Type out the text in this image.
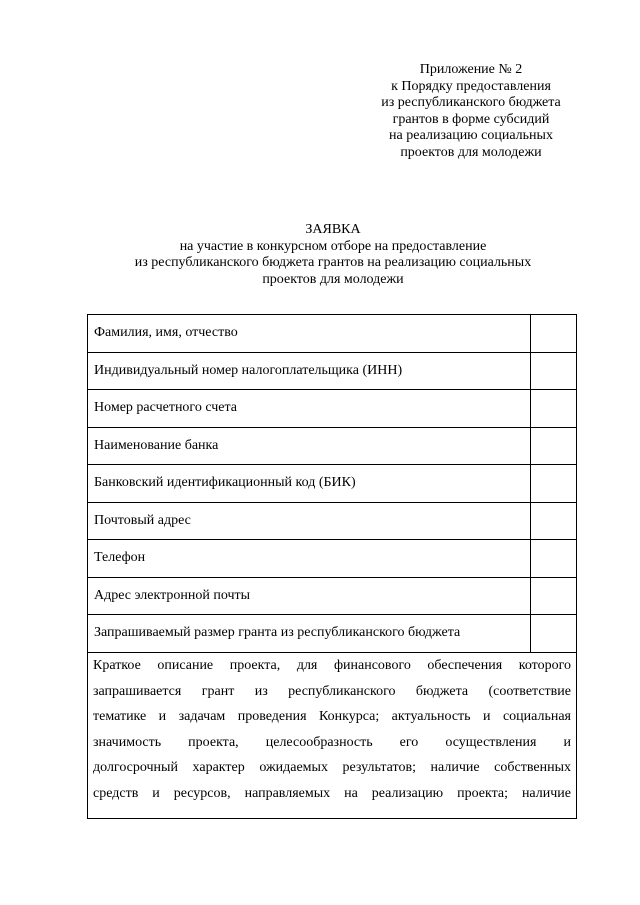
Приложение № 2
к Порядку предоставления
из республиканского бюджета
грантов в форме субсидий
на реализацию социальных
проектов для молодежи
ЗАЯВКА
на участие в конкурсном отборе на предоставление
из республиканского бюджета грантов на реализацию социальных
проектов для молодежи
Фамилия, имя, отчество	
Индивидуальный номер налогоплательщика (ИНН)	
Номер расчетного счета	
Наименование банка	
Банковский идентификационный код (БИК)	
Почтовый адрес	
Телефон	
Адрес электронной почты	
Запрашиваемый размер гранта из республиканского бюджета	
Краткое описание проекта, для финансового обеспечения которого
запрашивается грант из республиканского бюджета (соответствие
тематике и задачам проведения Конкурса; актуальность и социальная
значимость проекта, целесообразность его осуществления и
долгосрочный характер ожидаемых результатов; наличие собственных
средств и ресурсов, направляемых на реализацию проекта; наличие
